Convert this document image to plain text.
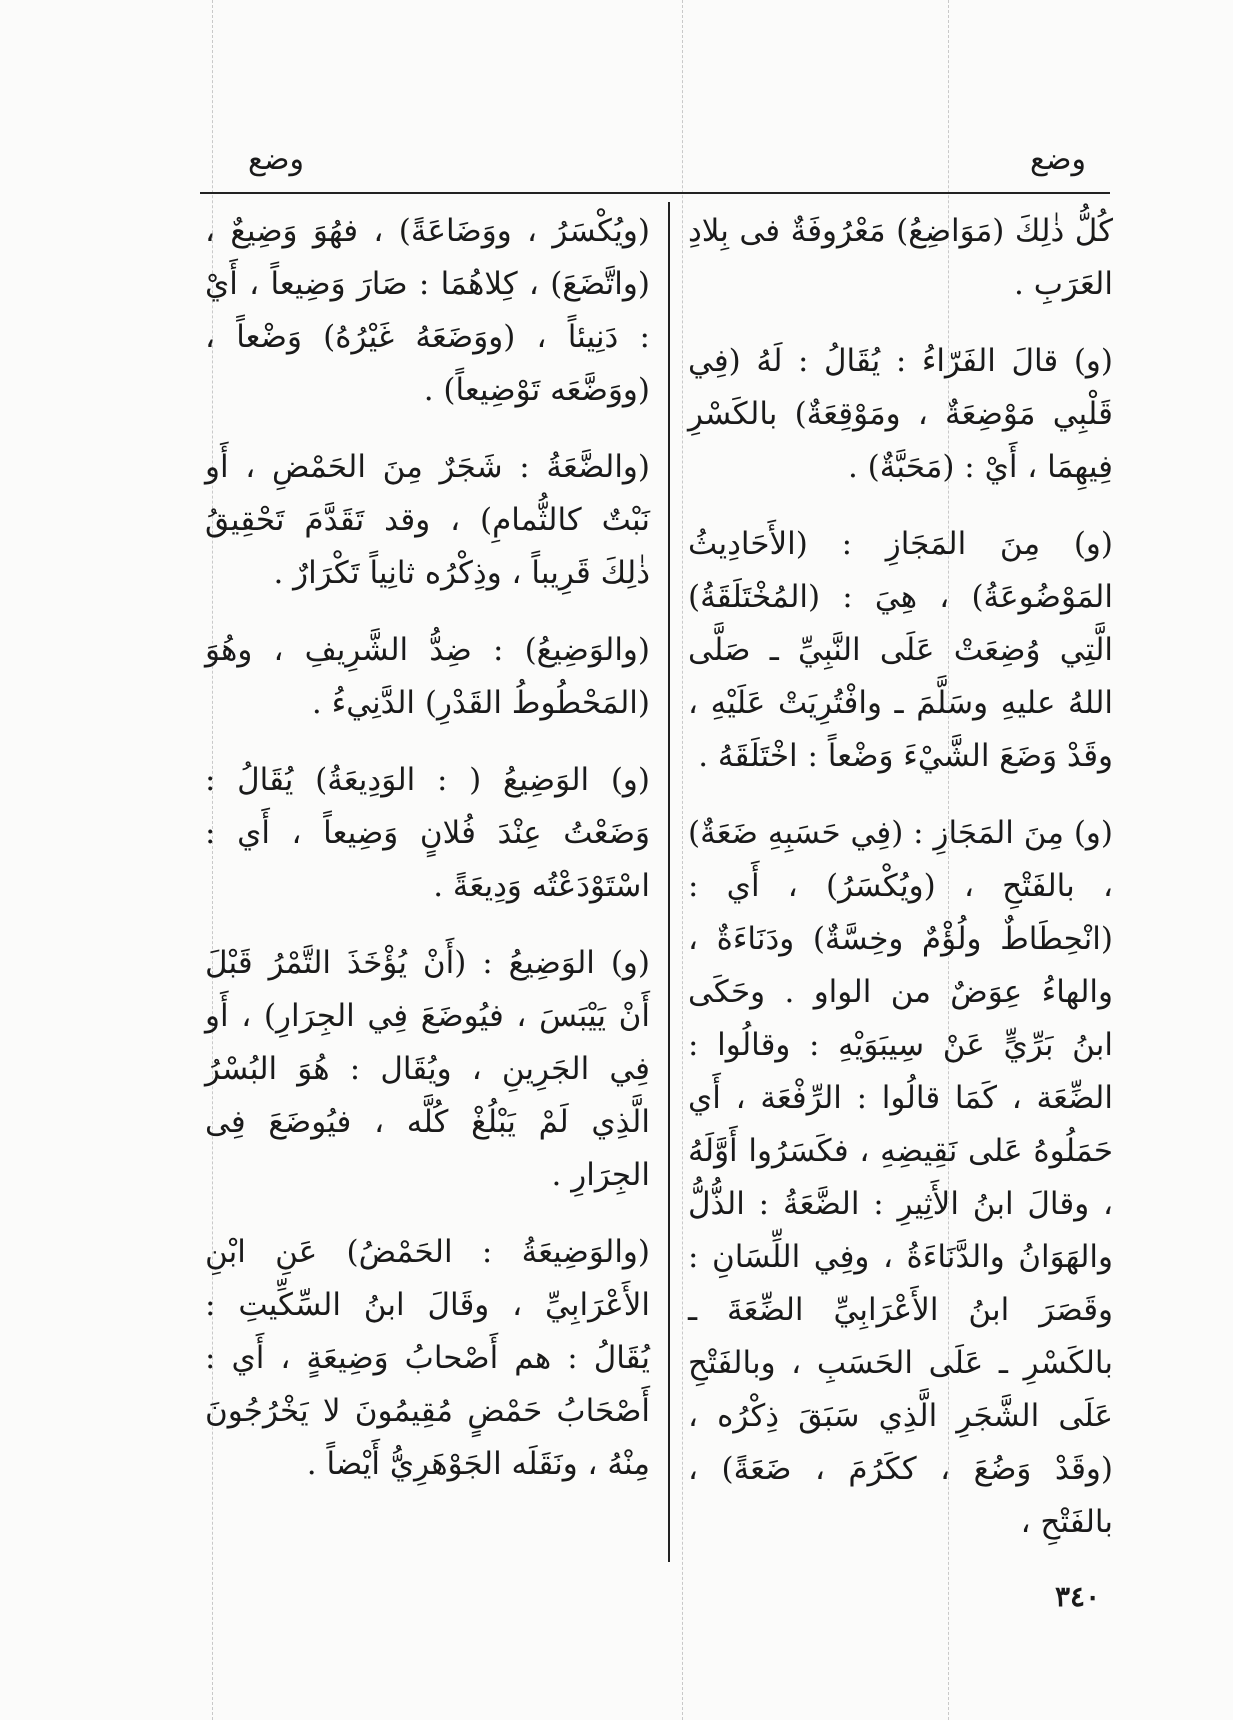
وضع
وضع

كُلُّ ذٰلِكَ (مَوَاضِعُ) مَعْرُوفَةٌ فى بِلادِ العَرَبِ .

(و) قالَ الفَرّاءُ : يُقَالُ : لَهُ (فِي قَلْبِي مَوْضِعَةٌ ، ومَوْقِعَةٌ) بالكَسْرِ فِيهِمَا ، أَيْ : (مَحَبَّةٌ) .

(و) مِنَ المَجَازِ : (الأَحَادِيثُ المَوْضُوعَةُ) ، هِيَ : (المُخْتَلَقَةُ) الَّتِي وُضِعَتْ عَلَى النَّبِيِّ ـ صَلَّى اللهُ عليهِ وسَلَّمَ ـ وافْتُرِيَتْ عَلَيْهِ ، وقَدْ وَضَعَ الشَّيْءَ وَضْعاً : اخْتَلَقَهُ .

(و) مِنَ المَجَازِ : (فِي حَسَبِهِ ضَعَةٌ) ، بالفَتْحِ ، (ويُكْسَرُ) ، أَي : (انْحِطَاطٌ ولُؤْمٌ وخِسَّةٌ) ودَنَاءَةٌ ، والهاءُ عِوَضٌ من الواو . وحَكَى ابنُ بَرِّيٍّ عَنْ سِيبَوَيْهِ : وقالُوا : الضِّعَة ، كَمَا قالُوا : الرِّفْعَة ، أَي حَمَلُوهُ عَلى نَقِيضِهِ ، فكَسَرُوا أَوَّلَهُ ، وقالَ ابنُ الأَثِيرِ : الضَّعَةُ : الذُّلُّ والهَوَانُ والدَّنَاءَةُ ، وفِي اللِّسَانِ : وقَصَرَ ابنُ الأَعْرَابِيِّ الضِّعَةَ ـ بالكَسْرِ ـ عَلَى الحَسَبِ ، وبالفَتْحِ عَلَى الشَّجَرِ الَّذِي سَبَقَ ذِكْرُه ، (وقَدْ وَضُعَ ، ككَرُمَ ، ضَعَةً) ، بالفَتْحِ ،

(ويُكْسَرُ ، ووَضَاعَةً) ، فهُوَ وَضِيعٌ ، (واتَّضَعَ) ، كِلاهُمَا : صَارَ وَضِيعاً ، أَيْ : دَنِيئاً ، (ووَضَعَهُ غَيْرُهُ) وَضْعاً ، (ووَضَّعَه تَوْضِيعاً) .

(والضَّعَةُ : شَجَرٌ مِنَ الحَمْضِ ، أَو نَبْتٌ كالثُّمامِ) ، وقد تَقَدَّمَ تَحْقِيقُ ذٰلِكَ قَرِيباً ، وذِكْرُه ثانِياً تَكْرَارٌ .

(والوَضِيعُ) : ضِدُّ الشَّرِيفِ ، وهُوَ (المَحْطُوطُ القَدْرِ) الدَّنِيءُ .

(و) الوَضِيعُ ( : الوَدِيعَةُ) يُقَالُ : وَضَعْتُ عِنْدَ فُلانٍ وَضِيعاً ، أَي : اسْتَوْدَعْتُه وَدِيعَةً .

(و) الوَضِيعُ : (أَنْ يُؤْخَذَ التَّمْرُ قَبْلَ أَنْ يَيْبَسَ ، فيُوضَعَ فِي الجِرَارِ) ، أَو فِي الجَرِينِ ، ويُقَال : هُوَ البُسْرُ الَّذِي لَمْ يَبْلُغْ كُلَّه ، فيُوضَعَ فِى الجِرَارِ .

(والوَضِيعَةُ : الحَمْضُ) عَنِ ابْنِ الأَعْرَابِيِّ ، وقَالَ ابنُ السِّكِّيتِ : يُقَالُ : هم أَصْحابُ وَضِيعَةٍ ، أَي : أَصْحَابُ حَمْضٍ مُقِيمُونَ لا يَخْرُجُونَ مِنْهُ ، ونَقَلَه الجَوْهَرِيُّ أَيْضاً .

٣٤٠
